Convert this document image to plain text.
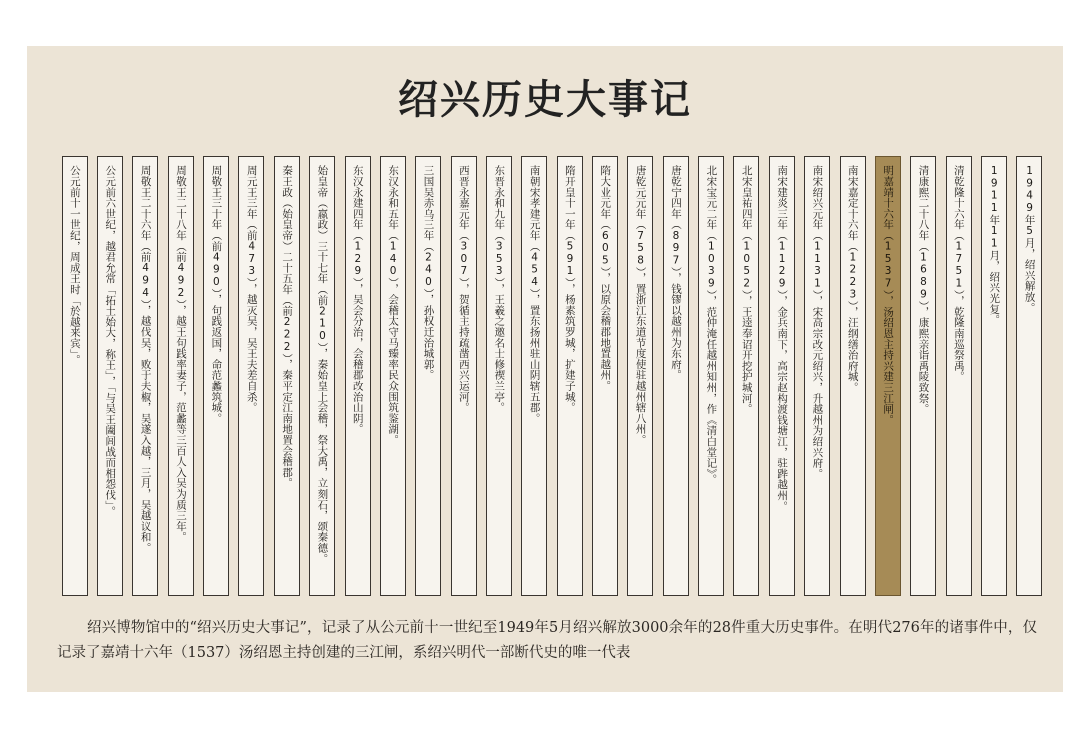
绍兴历史大事记
公元前十一世纪，周成王时「於越来宾」。 公元前六世纪，越君允常「拓土始大，称王」，「与吴王阖闾战而相怨伐」。 周敬王二十六年（前494），越伐吴，败于夫椒，吴遂入越，三月，吴越议和。 周敬王二十八年（前492），越王句践率妻子，范蠡等三百人入吴为质三年。 周敬王三十年（前490），句践返国，命范蠡筑城。 周元王三年（前473），越灭吴，吴王夫差自杀。 秦王政（始皇帝）二十五年（前222），秦平定江南地置会稽郡。 始皇帝（嬴政）三十七年（前210），秦始皇上会稽，祭大禹，立刻石，颂秦德。 东汉永建四年（129），吴会分治，会稽郡改治山阴。 东汉永和五年（140），会稽太守马臻率民众围筑鉴湖。 三国吴赤乌三年（240），孙权迁治城郭。 西晋永嘉元年（307），贺循主持疏凿西兴运河。 东晋永和九年（353），王羲之邀名士修禊兰亭。 南朝宋孝建元年（454），置东扬州驻山阴辖五郡。 隋开皇十一年（591），杨素筑罗城，扩建子城。 隋大业元年（605），以原会稽郡地置越州。 唐乾元元年（758），置浙江东道节度使驻越州辖八州。 唐乾宁四年（897），钱镠以越州为东府。 北宋宝元二年（1039），范仲淹任越州知州，作《清白堂记》。 北宋皇祐四年（1052），王逵奉诏开挖护城河。 南宋建炎三年（1129），金兵南下，高宗赵构渡钱塘江，驻跸越州。 南宋绍兴元年（1131），宋高宗改元绍兴，升越州为绍兴府。 南宋嘉定十六年（1223），汪纲缮治府城。 明嘉靖十六年（1537），汤绍恩主持兴建三江闸。 清康熙二十八年（1689），康熙亲诣禹陵致祭。 清乾隆十六年（1751），乾隆南巡祭禹。 1911年11月，绍兴光复。 1949年5月，绍兴解放。
绍兴博物馆中的“绍兴历史大事记”，记录了从公元前十一世纪至1949年5月绍兴解放3000余年的28件重大历史事件。在明代276年的诸事件中，仅记录了嘉靖十六年（1537）汤绍恩主持创建的三江闸，系绍兴明代一部断代史的唯一代表
